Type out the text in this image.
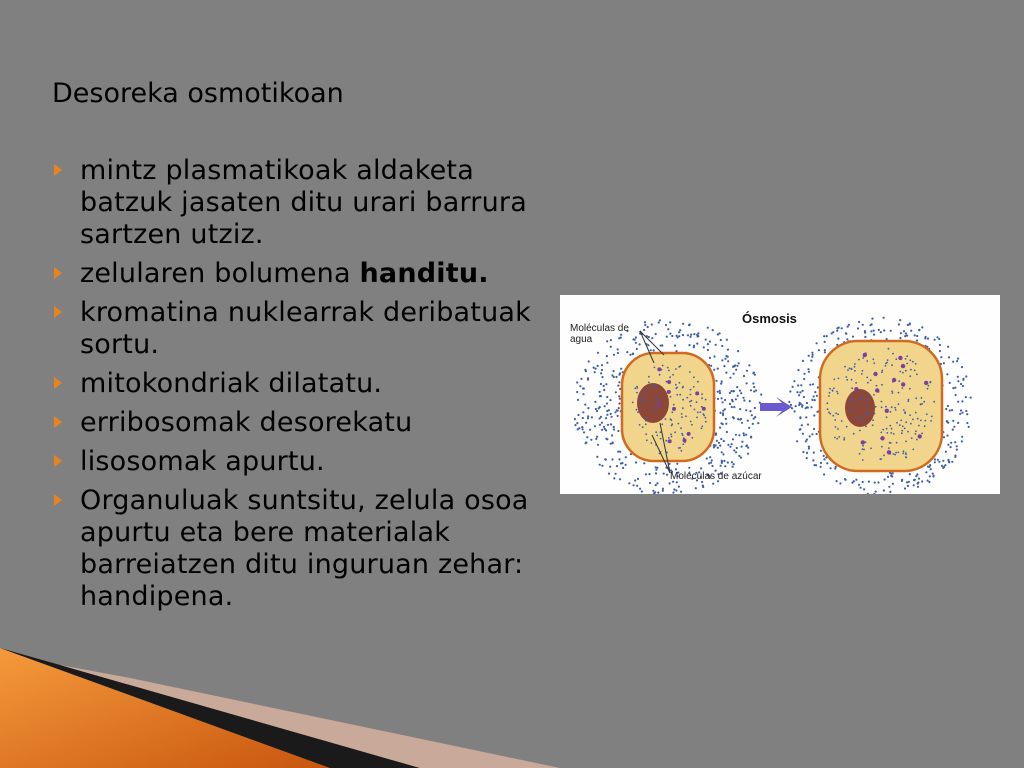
Desoreka osmotikoan
mintz plasmatikoak aldaketa batzuk jasaten ditu urari barrura sartzen utziz.
zelularen bolumena handitu.
kromatina nuklearrak deribatuak sortu.
mitokondriak dilatatu.
erribosomak desorekatu
lisosomak apurtu.
Organuluak suntsitu, zelula osoa apurtu eta bere materialak barreiatzen ditu inguruan zehar: handipena.
Ósmosis
Moléculas de agua
Moléculas de azúcar
